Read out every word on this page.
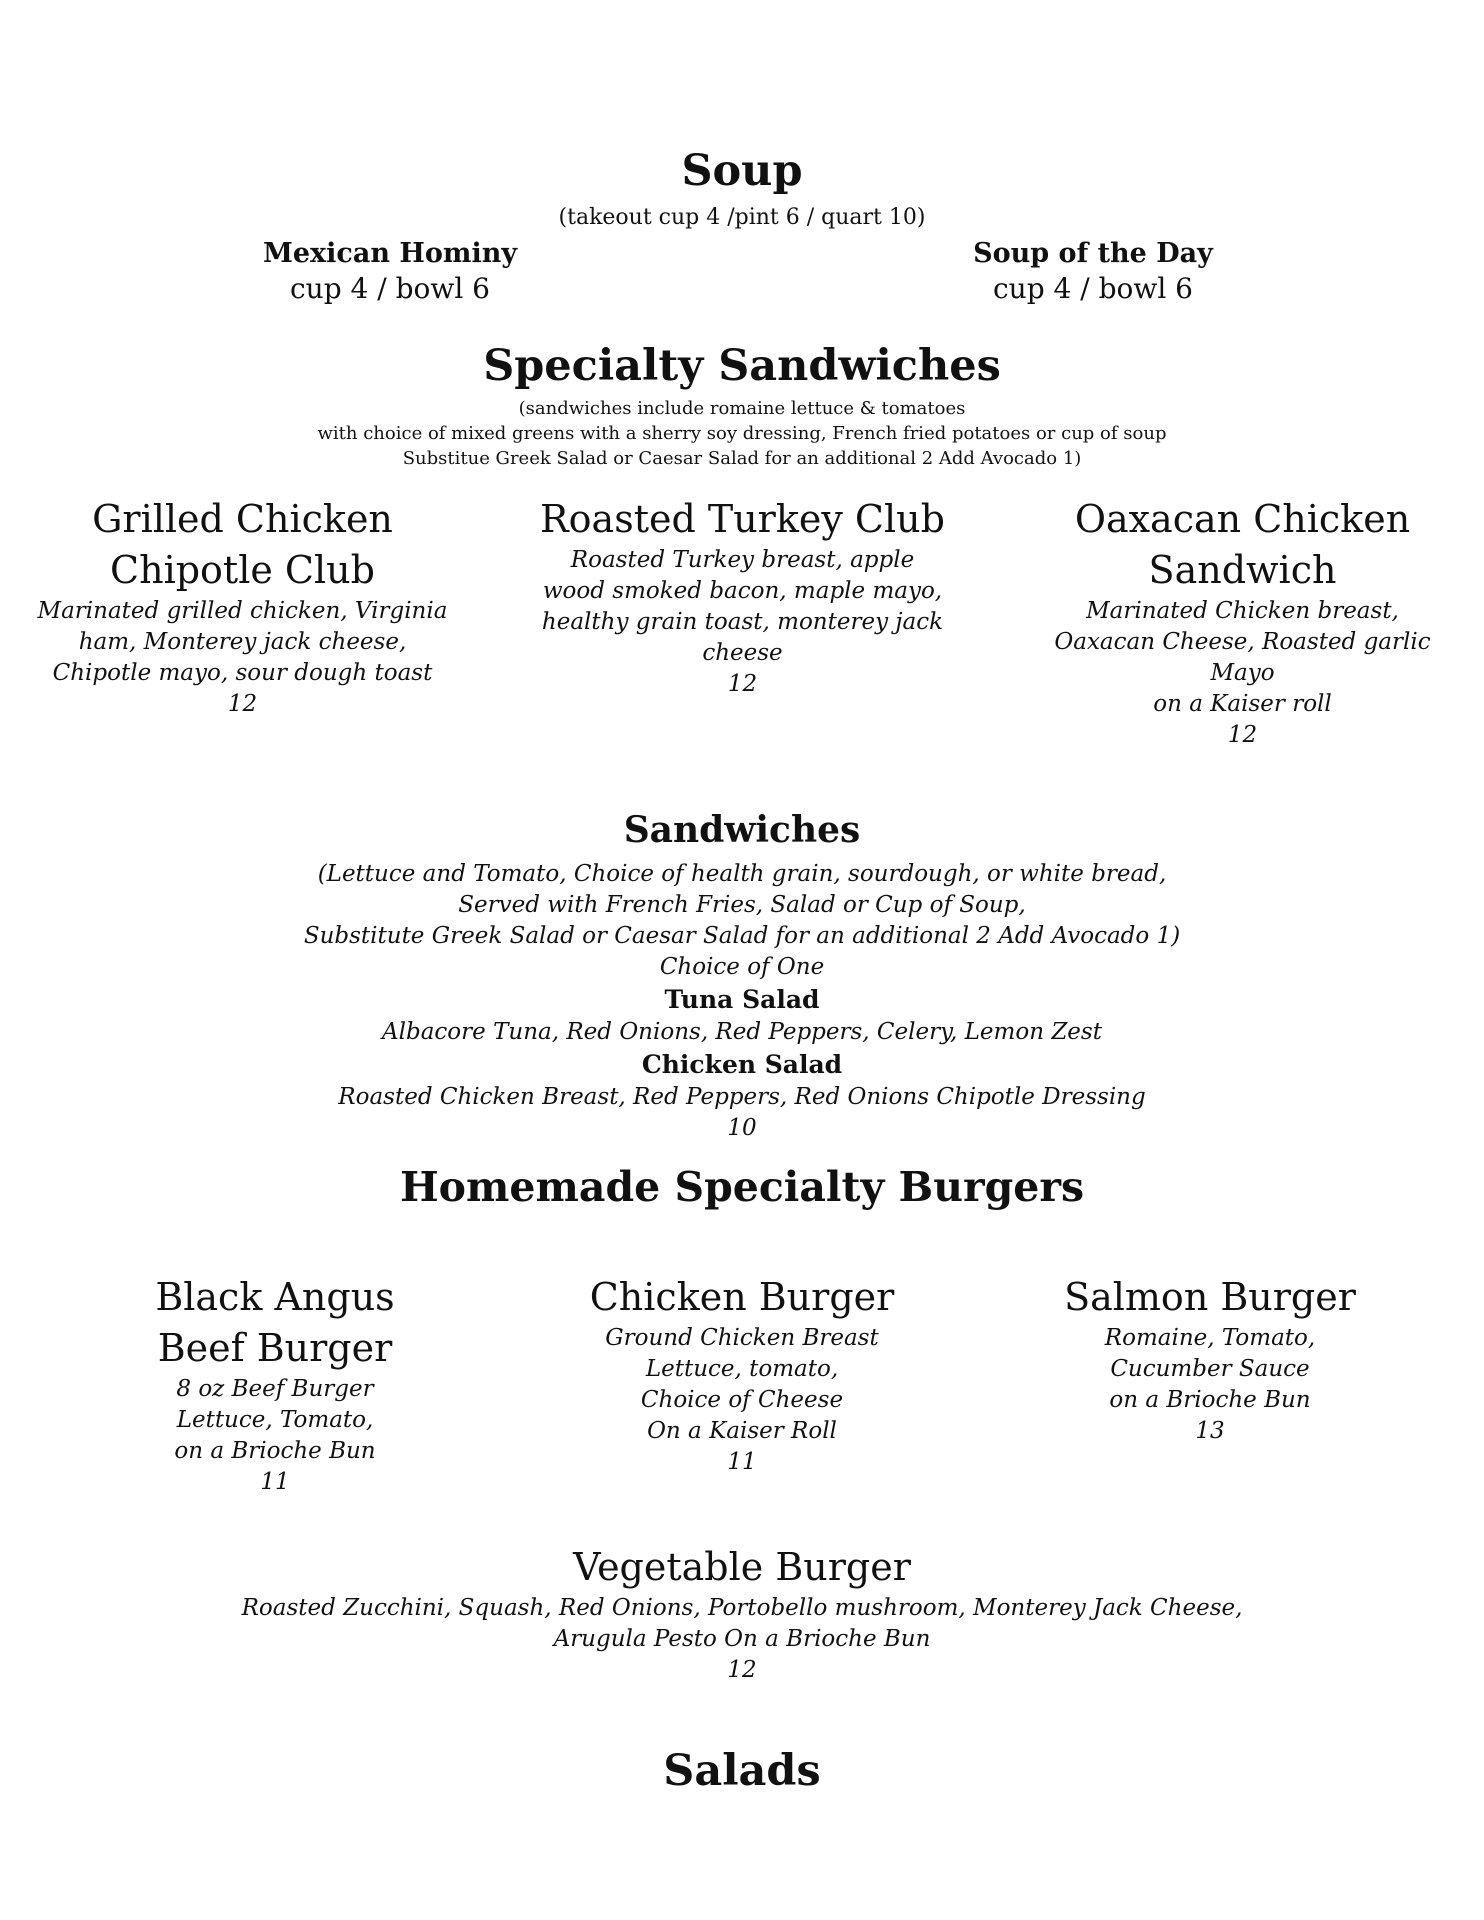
Soup
(takeout cup 4 /pint 6 / quart 10)
Mexican Hominy
cup 4 / bowl 6
Soup of the Day
cup 4 / bowl 6
Specialty Sandwiches
(sandwiches include romaine lettuce & tomatoes
with choice of mixed greens with a sherry soy dressing, French fried potatoes or cup of soup
Substitue Greek Salad or Caesar Salad for an additional 2 Add Avocado 1)
Grilled Chicken
Chipotle Club
Marinated grilled chicken, Virginia
ham, Monterey jack cheese,
Chipotle mayo, sour dough toast
12
Roasted Turkey Club
Roasted Turkey breast, apple
wood smoked bacon, maple mayo,
healthy grain toast, monterey jack
cheese
12
Oaxacan Chicken
Sandwich
Marinated Chicken breast,
Oaxacan Cheese, Roasted garlic
Mayo
on a Kaiser roll
12
Sandwiches
(Lettuce and Tomato, Choice of health grain, sourdough, or white bread,
Served with French Fries, Salad or Cup of Soup,
Substitute Greek Salad or Caesar Salad for an additional 2 Add Avocado 1)
Choice of One
Tuna Salad
Albacore Tuna, Red Onions, Red Peppers, Celery, Lemon Zest
Chicken Salad
Roasted Chicken Breast, Red Peppers, Red Onions Chipotle Dressing
10
Homemade Specialty Burgers
Black Angus
Beef Burger
8 oz Beef Burger
Lettuce, Tomato,
on a Brioche Bun
11
Chicken Burger
Ground Chicken Breast
Lettuce, tomato,
Choice of Cheese
On a Kaiser Roll
11
Salmon Burger
Romaine, Tomato,
Cucumber Sauce
on a Brioche Bun
13
Vegetable Burger
Roasted Zucchini, Squash, Red Onions, Portobello mushroom, Monterey Jack Cheese,
Arugula Pesto On a Brioche Bun
12
Salads
